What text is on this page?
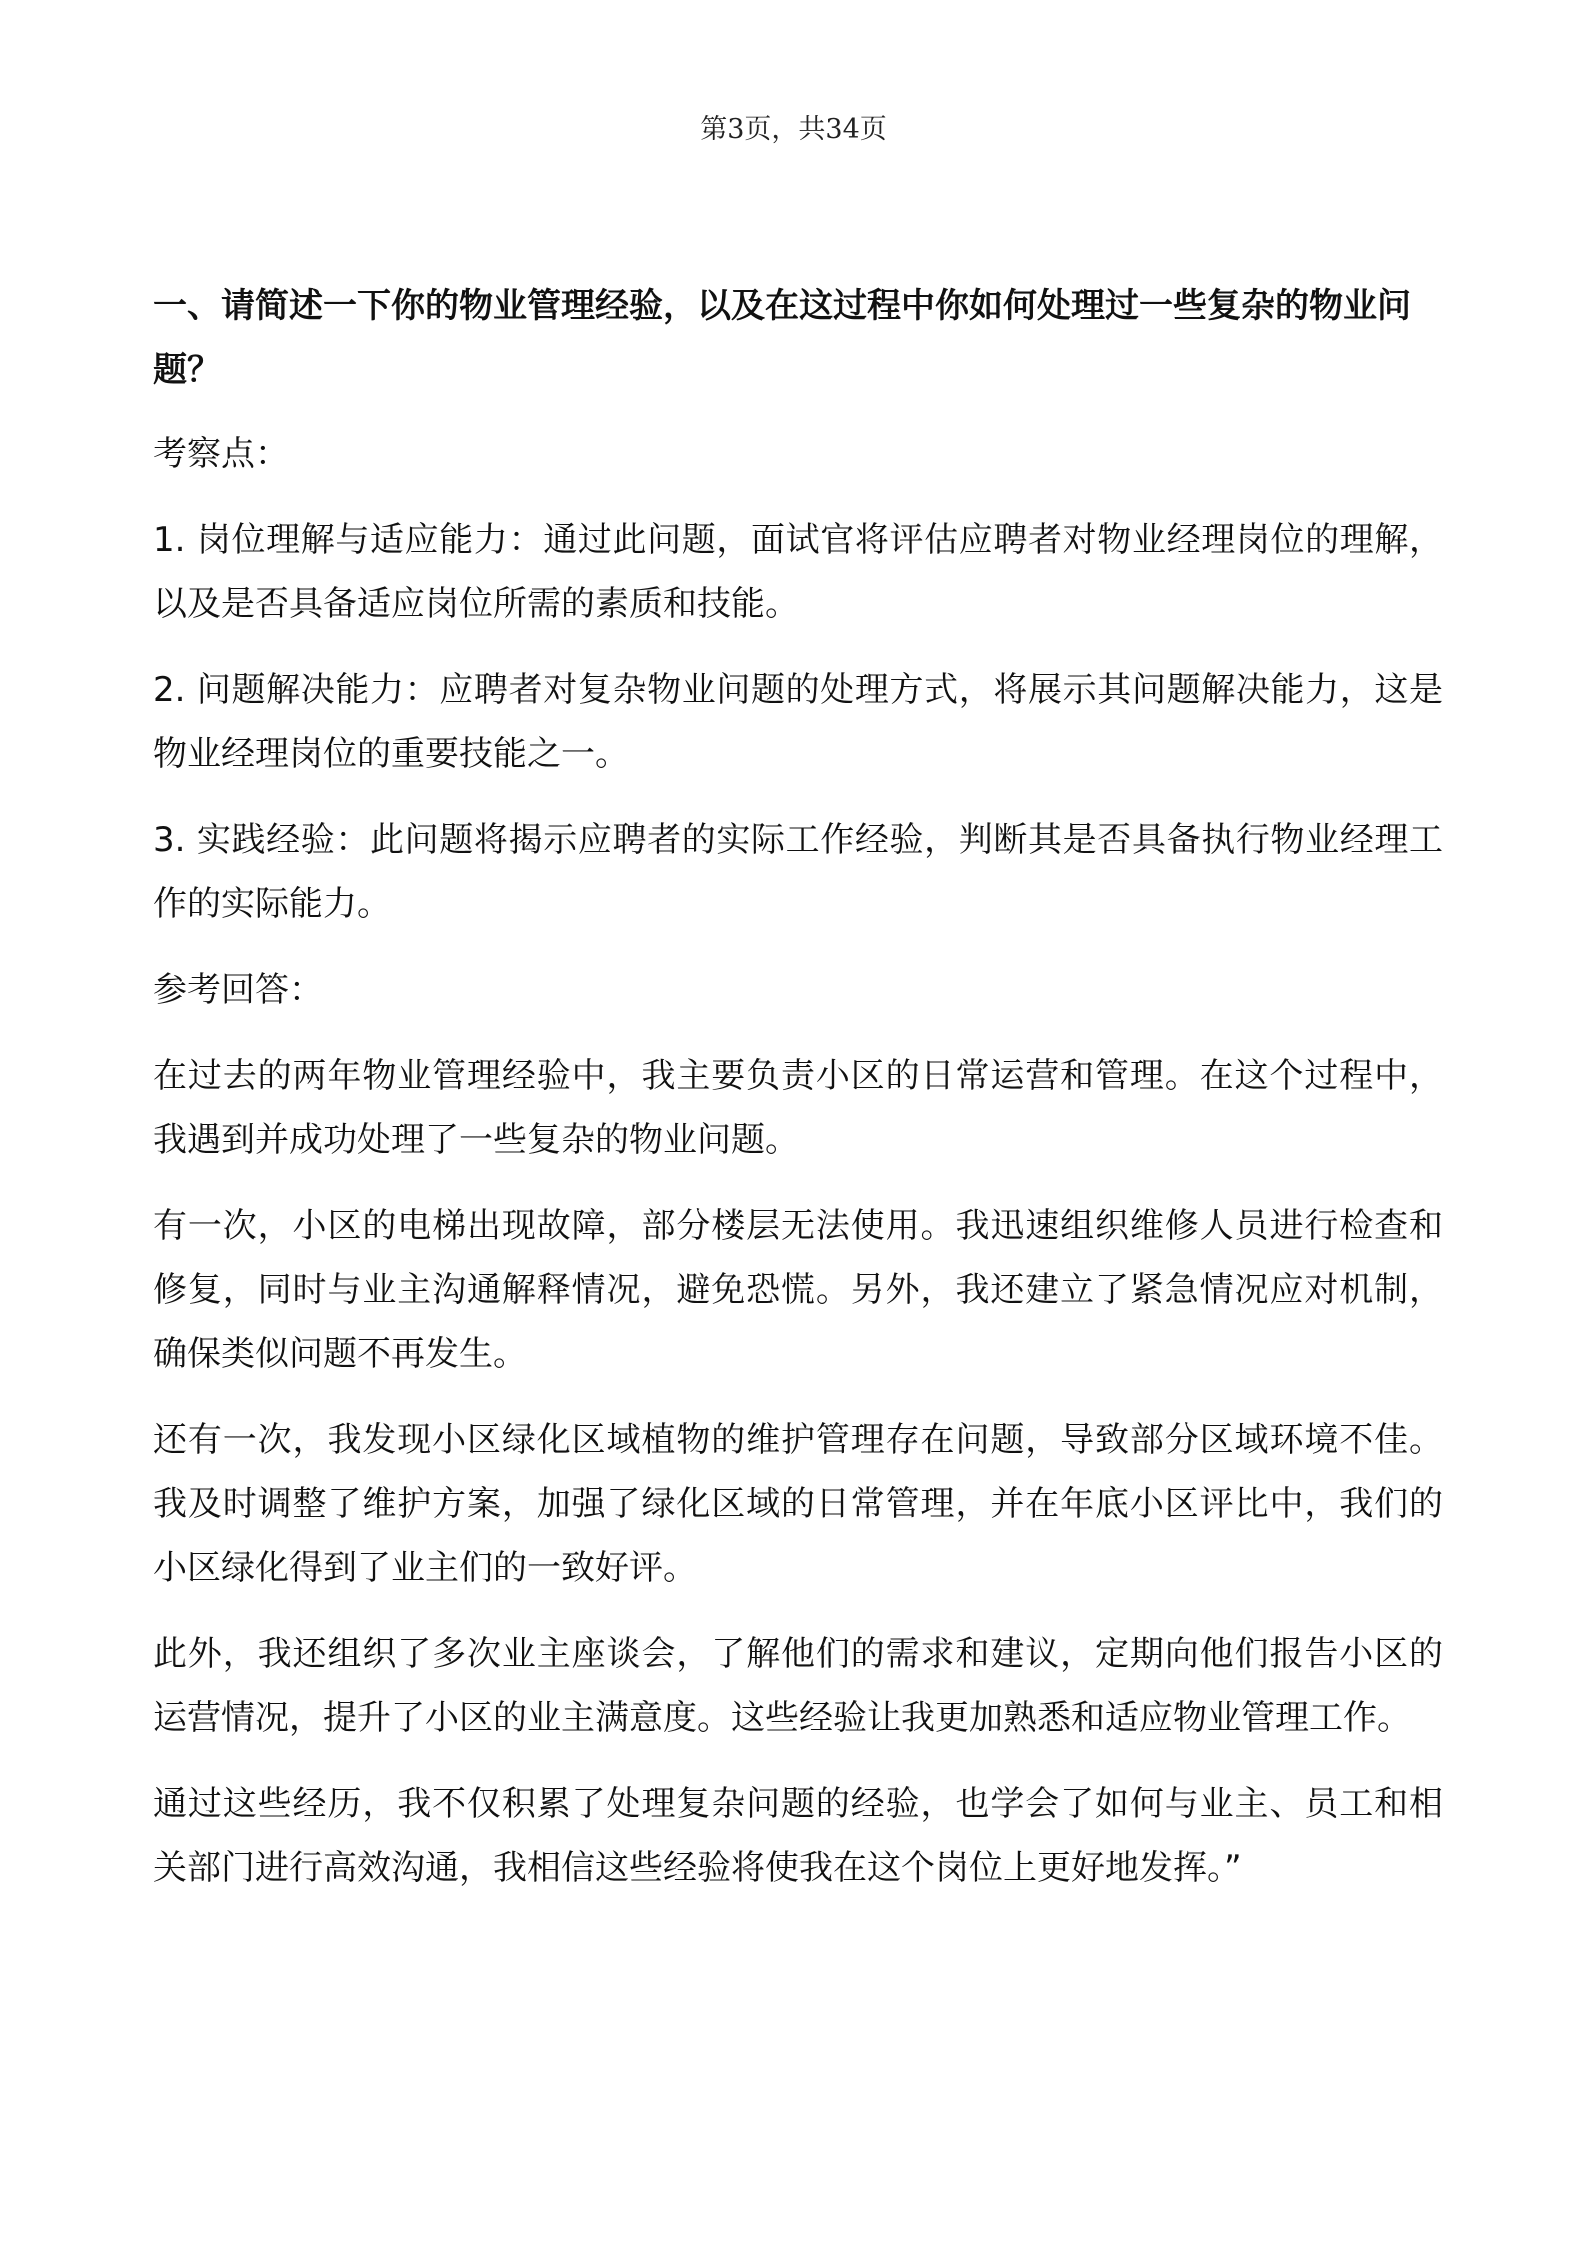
第3页，共34页

一、请简述一下你的物业管理经验，以及在这过程中你如何处理过一些复杂的物业问题？

考察点：

1. 岗位理解与适应能力：通过此问题，面试官将评估应聘者对物业经理岗位的理解，以及是否具备适应岗位所需的素质和技能。

2. 问题解决能力：应聘者对复杂物业问题的处理方式，将展示其问题解决能力，这是物业经理岗位的重要技能之一。

3. 实践经验：此问题将揭示应聘者的实际工作经验，判断其是否具备执行物业经理工作的实际能力。

参考回答：

在过去的两年物业管理经验中，我主要负责小区的日常运营和管理。在这个过程中，我遇到并成功处理了一些复杂的物业问题。

有一次，小区的电梯出现故障，部分楼层无法使用。我迅速组织维修人员进行检查和修复，同时与业主沟通解释情况，避免恐慌。另外，我还建立了紧急情况应对机制，确保类似问题不再发生。

还有一次，我发现小区绿化区域植物的维护管理存在问题，导致部分区域环境不佳。我及时调整了维护方案，加强了绿化区域的日常管理，并在年底小区评比中，我们的小区绿化得到了业主们的一致好评。

此外，我还组织了多次业主座谈会，了解他们的需求和建议，定期向他们报告小区的运营情况，提升了小区的业主满意度。这些经验让我更加熟悉和适应物业管理工作。

通过这些经历，我不仅积累了处理复杂问题的经验，也学会了如何与业主、员工和相关部门进行高效沟通，我相信这些经验将使我在这个岗位上更好地发挥。”
